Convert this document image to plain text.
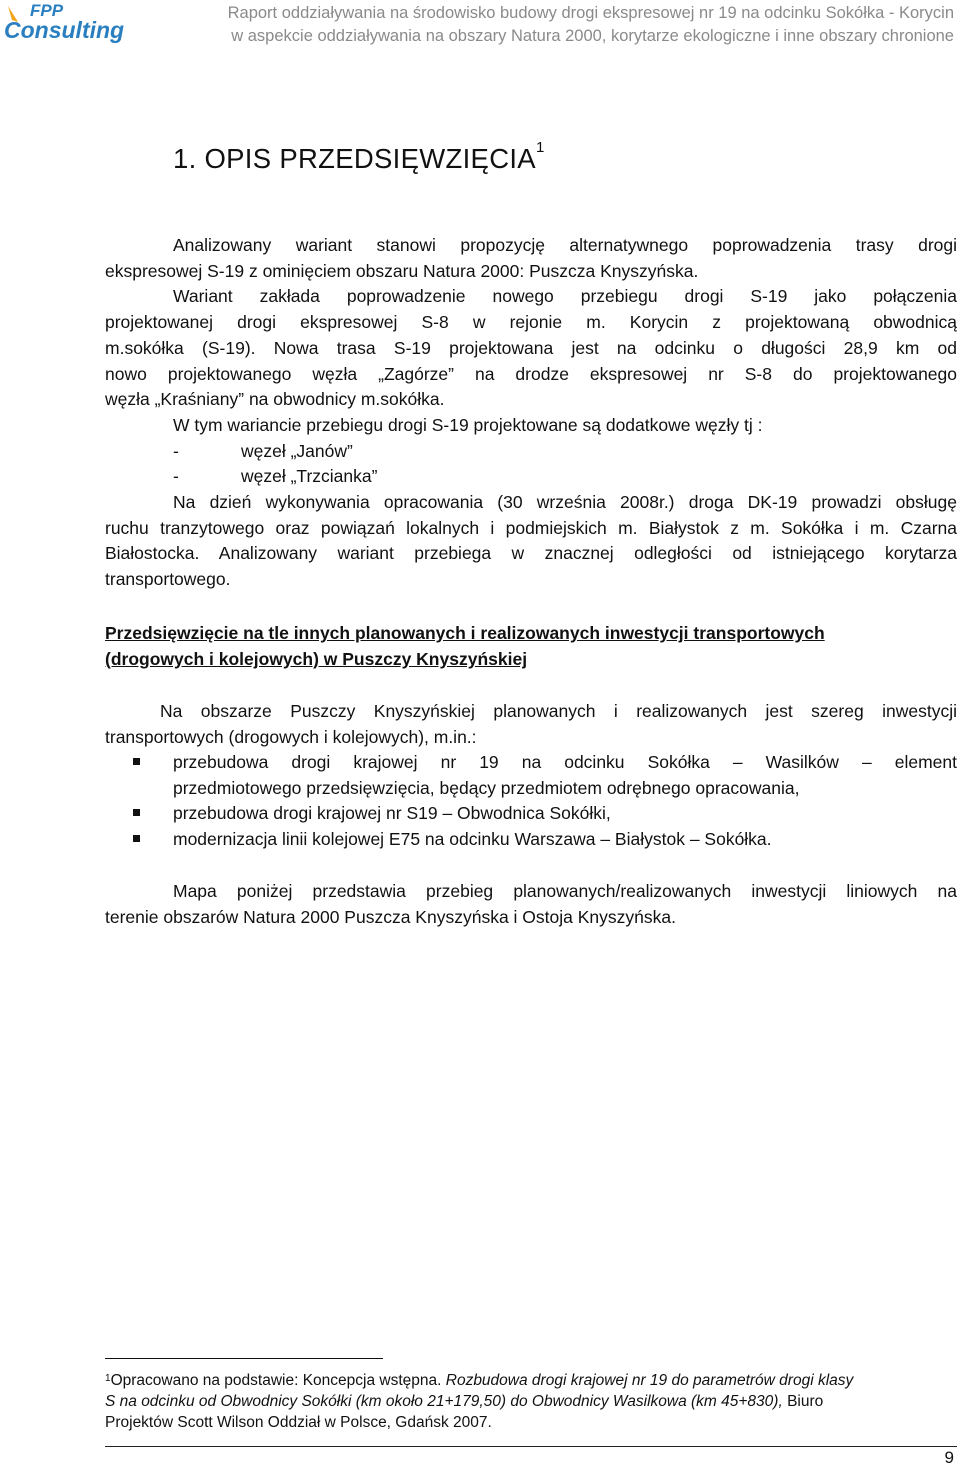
FPP
Consulting
Raport oddziaływania na środowisko budowy drogi ekspresowej nr 19 na odcinku Sokółka - Korycin
w aspekcie oddziaływania na obszary Natura 2000, korytarze ekologiczne i inne obszary chronione
1. OPIS PRZEDSIĘWZIĘCIA$^1$
Analizowany wariant stanowi propozycję alternatywnego poprowadzenia trasy drogi
ekspresowej S-19 z ominięciem obszaru Natura 2000: Puszcza Knyszyńska.
Wariant zakłada poprowadzenie nowego przebiegu drogi S-19 jako połączenia
projektowanej drogi ekspresowej S-8 w rejonie m. Korycin z projektowaną obwodnicą
m.sokółka (S-19). Nowa trasa S-19 projektowana jest na odcinku o długości 28,9 km od
nowo projektowanego węzła „Zagórze” na drodze ekspresowej nr S-8 do projektowanego
węzła „Kraśniany” na obwodnicy m.sokółka.
W tym wariancie przebiegu drogi S-19 projektowane są dodatkowe węzły tj :
-	węzeł „Janów”
-	węzeł „Trzcianka”
Na dzień wykonywania opracowania (30 września 2008r.) droga DK-19 prowadzi obsługę
ruchu tranzytowego oraz powiązań lokalnych i podmiejskich m. Białystok z m. Sokółka i m. Czarna
Białostocka. Analizowany wariant przebiega w znacznej odległości od istniejącego korytarza
transportowego.
Przedsięwzięcie na tle innych planowanych i realizowanych inwestycji transportowych
(drogowych i kolejowych) w Puszczy Knyszyńskiej
Na obszarze Puszczy Knyszyńskiej planowanych i realizowanych jest szereg inwestycji
transportowych (drogowych i kolejowych), m.in.:
przebudowa drogi krajowej nr 19 na odcinku Sokółka – Wasilków – element
przedmiotowego przedsięwzięcia, będący przedmiotem odrębnego opracowania,
przebudowa drogi krajowej nr S19 – Obwodnica Sokółki,
modernizacja linii kolejowej E75 na odcinku Warszawa – Białystok – Sokółka.
Mapa poniżej przedstawia przebieg planowanych/realizowanych inwestycji liniowych na
terenie obszarów Natura 2000 Puszcza Knyszyńska i Ostoja Knyszyńska.
$^1$Opracowano na podstawie: Koncepcja wstępna. Rozbudowa drogi krajowej nr 19 do parametrów drogi klasy
S na odcinku od Obwodnicy Sokółki (km około 21+179,50) do Obwodnicy Wasilkowa (km 45+830), Biuro
Projektów Scott Wilson Oddział w Polsce, Gdańsk 2007.
9
